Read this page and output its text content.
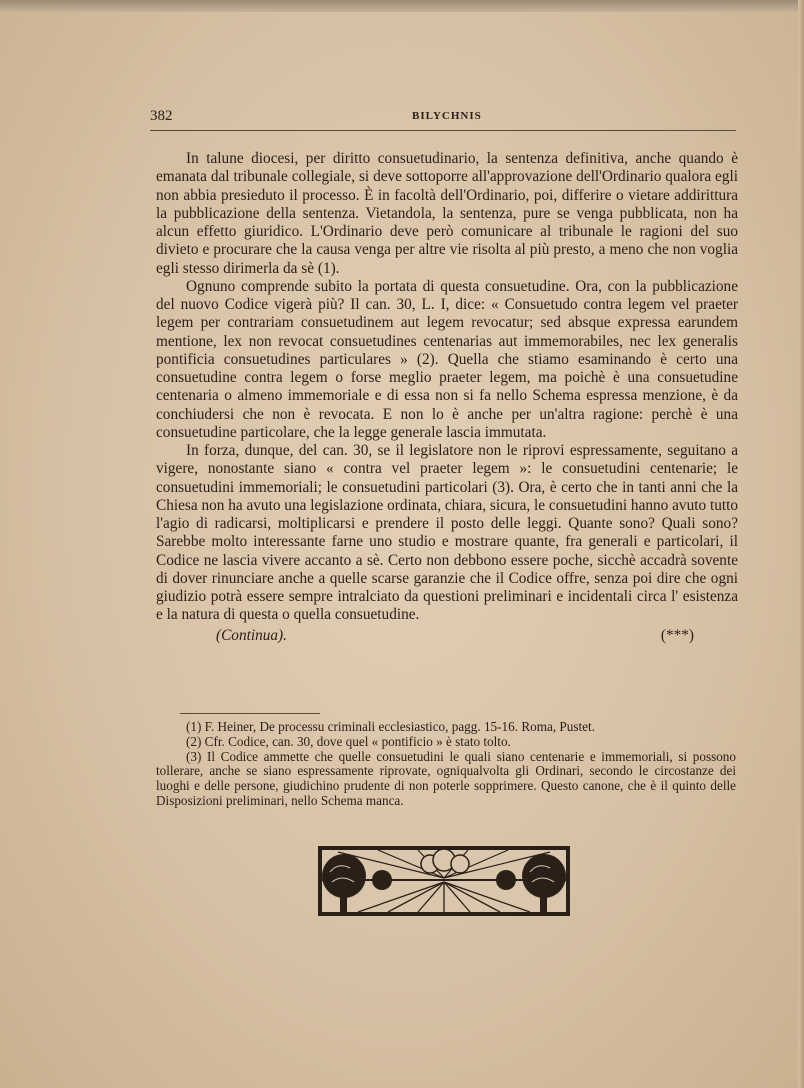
382	BILYCHNIS

In talune diocesi, per diritto consuetudinario, la sentenza definitiva, anche quando è emanata dal tribunale collegiale, si deve sottoporre all'approvazione dell'Ordinario qualora egli non abbia presieduto il processo. È in facoltà dell'Ordinario, poi, differire o vietare addirittura la pubblicazione della sentenza. Vietandola, la sentenza, pure se venga pubblicata, non ha alcun effetto giuridico. L'Ordinario deve però comunicare al tribunale le ragioni del suo divieto e procurare che la causa venga per altre vie risolta al più presto, a meno che non voglia egli stesso dirimerla da sè (1).

Ognuno comprende subito la portata di questa consuetudine. Ora, con la pubblicazione del nuovo Codice vigerà più? Il can. 30, L. I, dice: « Consuetudo contra legem vel praeter legem per contrariam consuetudinem aut legem revocatur; sed absque expressa earundem mentione, lex non revocat consuetudines centenarias aut immemorabiles, nec lex generalis pontificia consuetudines particulares » (2). Quella che stiamo esaminando è certo una consuetudine contra legem o forse meglio praeter legem, ma poichè è una consuetudine centenaria o almeno immemoriale e di essa non si fa nello Schema espressa menzione, è da conchiudersi che non è revocata. E non lo è anche per un'altra ragione: perchè è una consuetudine particolare, che la legge generale lascia immutata.

In forza, dunque, del can. 30, se il legislatore non le riprovi espressamente, seguitano a vigere, nonostante siano « contra vel praeter legem »: le consuetudini centenarie; le consuetudini immemoriali; le consuetudini particolari (3). Ora, è certo che in tanti anni che la Chiesa non ha avuto una legislazione ordinata, chiara, sicura, le consuetudini hanno avuto tutto l'agio di radicarsi, moltiplicarsi e prendere il posto delle leggi. Quante sono? Quali sono? Sarebbe molto interessante farne uno studio e mostrare quante, fra generali e particolari, il Codice ne lascia vivere accanto a sè. Certo non debbono essere poche, sicchè accadrà sovente di dover rinunciare anche a quelle scarse garanzie che il Codice offre, senza poi dire che ogni giudizio potrà essere sempre intralciato da questioni preliminari e incidentali circa l' esistenza e la natura di questa o quella consuetudine.

(Continua).	(***)

(1) F. Heiner, De processu criminali ecclesiastico, pagg. 15-16. Roma, Pustet.

(2) Cfr. Codice, can. 30, dove quel « pontificio » è stato tolto.

(3) Il Codice ammette che quelle consuetudini le quali siano centenarie e immemoriali, si possono tollerare, anche se siano espressamente riprovate, ogniqualvolta gli Ordinari, secondo le circostanze dei luoghi e delle persone, giudichino prudente di non poterle sopprimere. Questo canone, che è il quinto delle Disposizioni preliminari, nello Schema manca.
